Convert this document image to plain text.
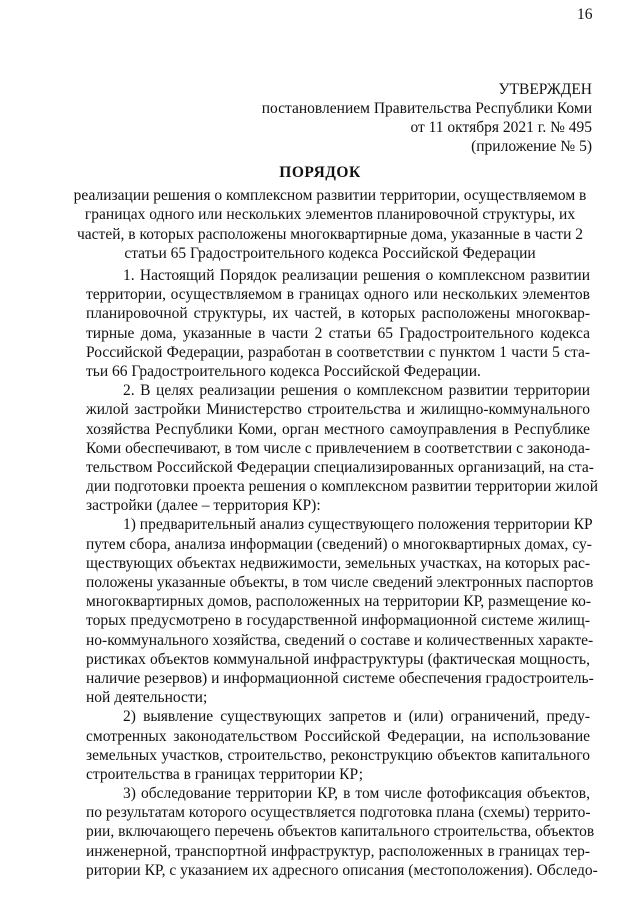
16
УТВЕРЖДЕН
постановлением Правительства Республики Коми
от 11 октября 2021 г. № 495
(приложение № 5)
ПОРЯДОК
реализации решения о комплексном развитии территории, осуществляемом в
границах одного или нескольких элементов планировочной структуры, их
частей, в которых расположены многоквартирные дома, указанные в части 2
статьи 65 Градостроительного кодекса Российской Федерации
1. Настоящий Порядок реализации решения о комплексном развитии
территории, осуществляемом в границах одного или нескольких элементов
планировочной структуры, их частей, в которых расположены многоквар-
тирные дома, указанные в части 2 статьи 65 Градостроительного кодекса
Российской Федерации, разработан в соответствии с пунктом 1 части 5 ста-
тьи 66 Градостроительного кодекса Российской Федерации.
2. В целях реализации решения о комплексном развитии территории
жилой застройки Министерство строительства и жилищно-коммунального
хозяйства Республики Коми, орган местного самоуправления в Республике
Коми обеспечивают, в том числе с привлечением в соответствии с законода-
тельством Российской Федерации специализированных организаций, на ста-
дии подготовки проекта решения о комплексном развитии территории жилой
застройки (далее – территория КР):
1) предварительный анализ существующего положения территории КР
путем сбора, анализа информации (сведений) о многоквартирных домах, су-
ществующих объектах недвижимости, земельных участках, на которых рас-
положены указанные объекты, в том числе сведений электронных паспортов
многоквартирных домов, расположенных на территории КР, размещение ко-
торых предусмотрено в государственной информационной системе жилищ-
но-коммунального хозяйства, сведений о составе и количественных характе-
ристиках объектов коммунальной инфраструктуры (фактическая мощность,
наличие резервов) и информационной системе обеспечения градостроитель-
ной деятельности;
2) выявление существующих запретов и (или) ограничений, преду-
смотренных законодательством Российской Федерации, на использование
земельных участков, строительство, реконструкцию объектов капитального
строительства в границах территории КР;
3) обследование территории КР, в том числе фотофиксация объектов,
по результатам которого осуществляется подготовка плана (схемы) террито-
рии, включающего перечень объектов капитального строительства, объектов
инженерной, транспортной инфраструктур, расположенных в границах тер-
ритории КР, с указанием их адресного описания (местоположения). Обследо-
